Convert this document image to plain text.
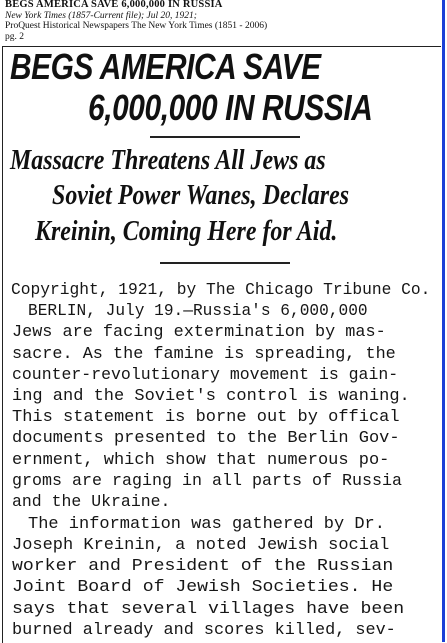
BEGS AMERICA SAVE 6,000,000 IN RUSSIA
New York Times (1857-Current file); Jul 20, 1921;
ProQuest Historical Newspapers The New York Times (1851 - 2006)
pg. 2
BEGS AMERICA SAVE
6,000,000 IN RUSSIA
Massacre Threatens All Jews as
Soviet Power Wanes, Declares
Kreinin, Coming Here for Aid.
Copyright, 1921, by The Chicago Tribune Co.
BERLIN, July 19.—Russia's 6,000,000
Jews are facing extermination by mas-
sacre. As the famine is spreading, the
counter-revolutionary movement is gain-
ing and the Soviet's control is waning.
This statement is borne out by offical
documents presented to the Berlin Gov-
ernment, which show that numerous po-
groms are raging in all parts of Russia
and the Ukraine.
The information was gathered by Dr.
Joseph Kreinin, a noted Jewish social
worker and President of the Russian
Joint Board of Jewish Societies. He
says that several villages have been
burned already and scores killed, sev-
